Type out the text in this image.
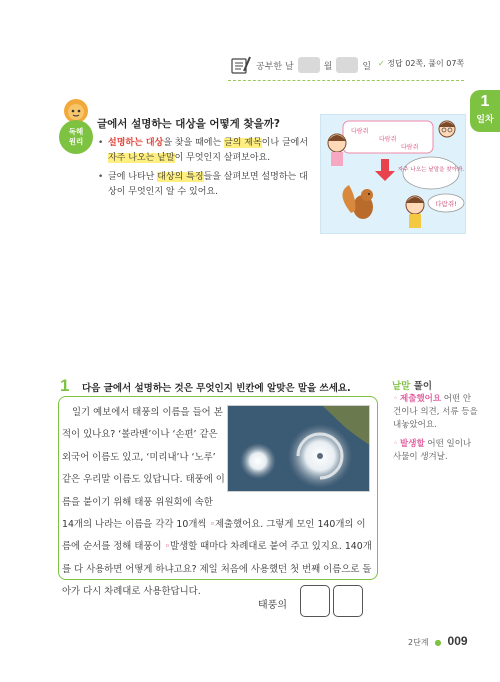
공부한 날	월	일 ✓ 정답 02쪽, 풀이 07쪽
1
일차
독해
원리
글에서 설명하는 대상을 어떻게 찾을까?
• 설명하는 대상을 찾을 때에는 글의 제목이나 글에서 자주 나오는 낱말이 무엇인지 살펴보아요.
• 글에 나타난 대상의 특징들을 살펴보면 설명하는 대상이 무엇인지 알 수 있어요.
다람쥐
다람쥐
다람쥐
자주 나오는 낱말을 찾아봐.
다람쥐!
1 다음 글에서 설명하는 것은 무엇인지 빈칸에 알맞은 말을 쓰세요.
일기 예보에서 태풍의 이름을 들어 본 적이 있나요? ‘볼라벤’이나 ‘손편’ 같은 외국어 이름도 있고, ‘미리내’나 ‘노루’ 같은 우리말 이름도 있답니다. 태풍에 이름을 붙이기 위해 태풍 위원회에 속한 14개의 나라는 이름을 각각 10개씩 ◦제출했어요. 그렇게 모인 140개의 이름에 순서를 정해 태풍이 ◦발생할 때마다 차례대로 붙여 주고 있지요. 140개를 다 사용하면 어떻게 하냐고요? 제일 처음에 사용했던 첫 번째 이름으로 돌아가 다시 차례대로 사용한답니다.
낱말 풀이
◦ 제출했어요 어떤 안건이나 의견, 서류 등을 내놓았어요.
◦ 발생할 어떤 일이나 사물이 생겨날.
태풍의
2단계 ● 009
